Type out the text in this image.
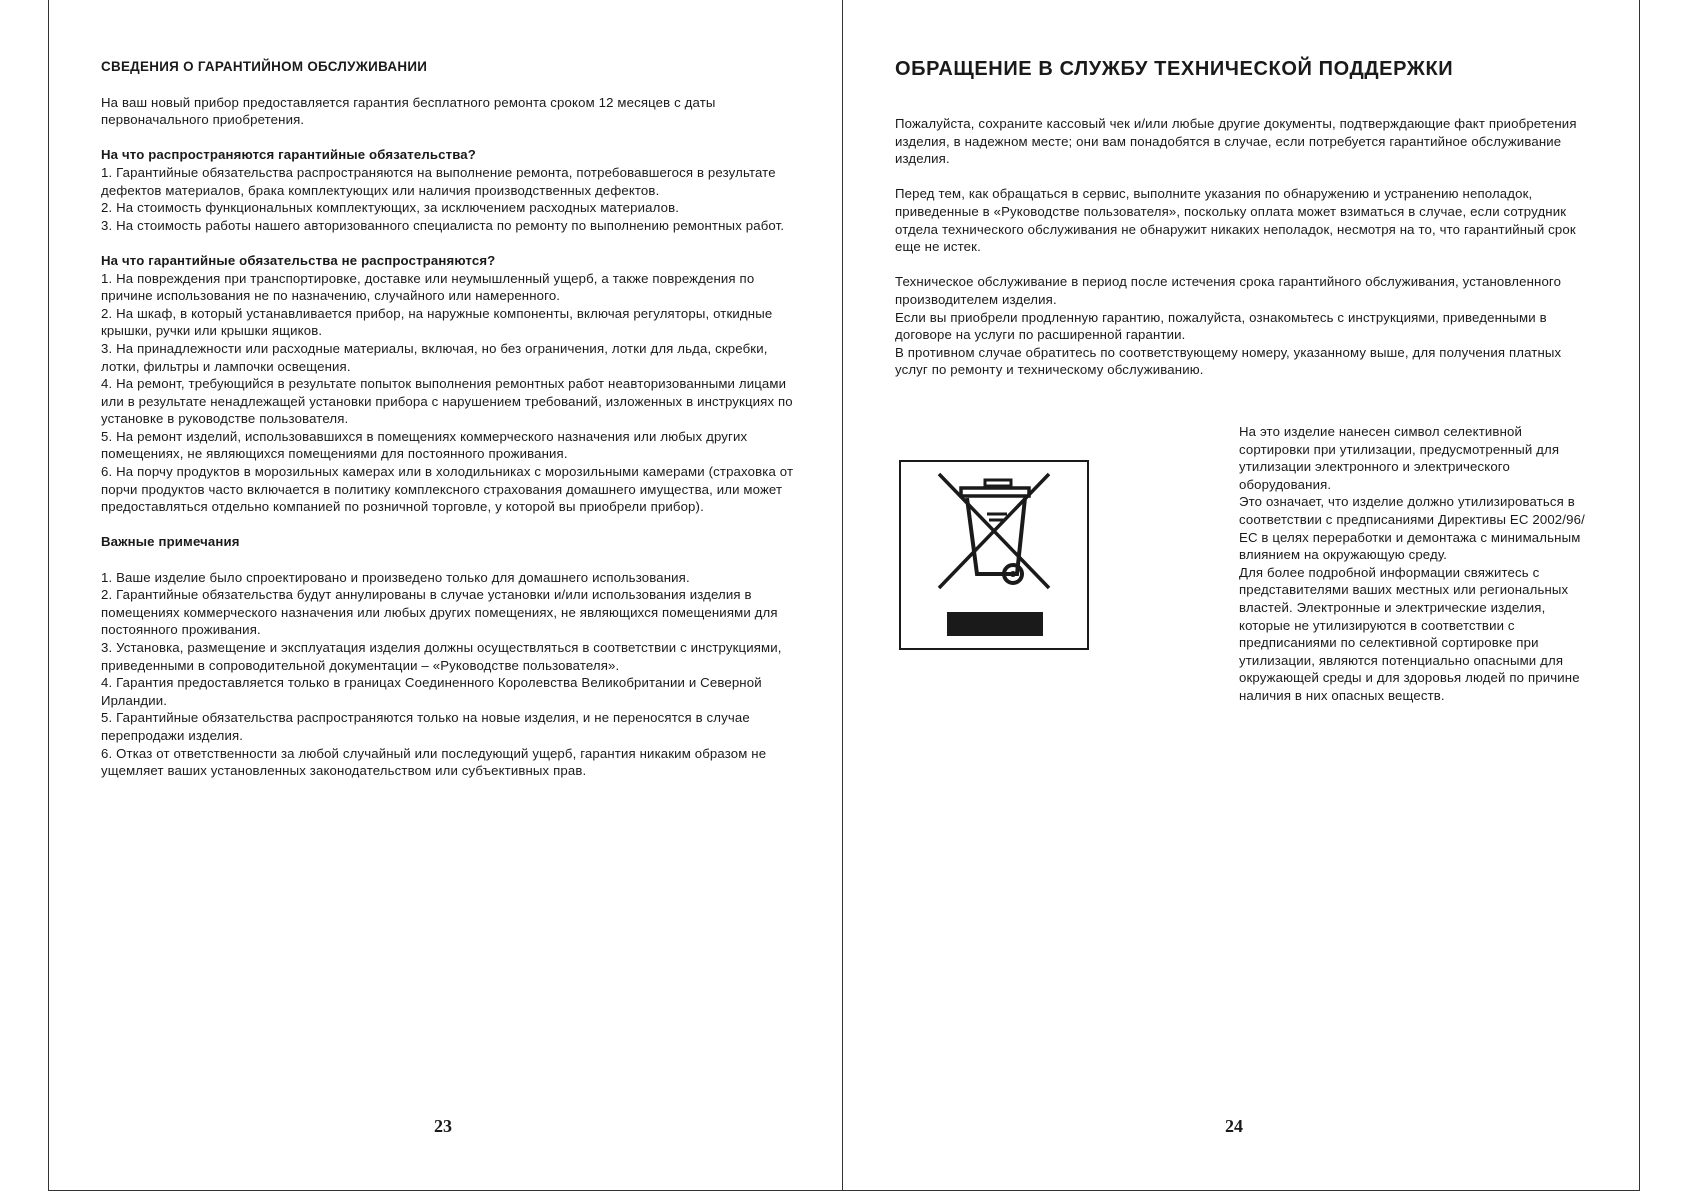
СВЕДЕНИЯ О ГАРАНТИЙНОМ ОБСЛУЖИВАНИИ

На ваш новый прибор предоставляется гарантия бесплатного ремонта сроком 12 месяцев с даты первоначального приобретения.

На что распространяются гарантийные обязательства?

1. Гарантийные обязательства распространяются на выполнение ремонта, потребовавшегося в результате дефектов материалов, брака комплектующих или наличия производственных дефектов.
2. На стоимость функциональных комплектующих, за исключением расходных материалов.
3. На стоимость работы нашего авторизованного специалиста по ремонту по выполнению ремонтных работ.

На что гарантийные обязательства не распространяются?

1. На повреждения при транспортировке, доставке или неумышленный ущерб, а также повреждения по причине использования не по назначению, случайного или намеренного.
2. На шкаф, в который устанавливается прибор, на наружные компоненты, включая регуляторы, откидные крышки, ручки или крышки ящиков.
3. На принадлежности или расходные материалы, включая, но без ограничения, лотки для льда, скребки, лотки, фильтры и лампочки освещения.
4. На ремонт, требующийся в результате попыток выполнения ремонтных работ неавторизованными лицами или в результате ненадлежащей установки прибора с нарушением требований, изложенных в инструкциях по установке в руководстве пользователя.
5. На ремонт изделий, использовавшихся в помещениях коммерческого назначения или любых других помещениях, не являющихся помещениями для постоянного проживания.
6. На порчу продуктов в морозильных камерах или в холодильниках с морозильными камерами (страховка от порчи продуктов часто включается в политику комплексного страхования домашнего имущества, или может предоставляться отдельно компанией по розничной торговле, у которой вы приобрели прибор).

Важные примечания

1. Ваше изделие было спроектировано и произведено только для домашнего использования.
2. Гарантийные обязательства будут аннулированы в случае установки и/или использования изделия в помещениях коммерческого назначения или любых других помещениях, не являющихся помещениями для постоянного проживания.
3. Установка, размещение и эксплуатация изделия должны осуществляться в соответствии с инструкциями, приведенными в сопроводительной документации – «Руководстве пользователя».
4. Гарантия предоставляется только в границах Соединенного Королевства Великобритании и Северной Ирландии.
5. Гарантийные обязательства распространяются только на новые изделия, и не переносятся в случае перепродажи изделия.
6. Отказ от ответственности за любой случайный или последующий ущерб, гарантия никаким образом не ущемляет ваших установленных законодательством или субъективных прав.
23
ОБРАЩЕНИЕ В СЛУЖБУ ТЕХНИЧЕСКОЙ ПОДДЕРЖКИ

Пожалуйста, сохраните кассовый чек и/или любые другие документы, подтверждающие факт приобретения изделия, в надежном месте; они вам понадобятся в случае, если потребуется гарантийное обслуживание изделия.

Перед тем, как обращаться в сервис, выполните указания по обнаружению и устранению неполадок, приведенные в «Руководстве пользователя», поскольку оплата может взиматься в случае, если сотрудник отдела технического обслуживания не обнаружит никаких неполадок, несмотря на то, что гарантийный срок еще не истек.

Техническое обслуживание в период после истечения срока гарантийного обслуживания, установленного производителем изделия.

Если вы приобрели продленную гарантию, пожалуйста, ознакомьтесь с инструкциями, приведенными в договоре на услуги по расширенной гарантии.

В противном случае обратитесь по соответствующему номеру, указанному выше, для получения платных услуг по ремонту и техническому обслуживанию.

На это изделие нанесен символ селективной сортировки при утилизации, предусмотренный для утилизации электронного и электрического оборудования.

Это означает, что изделие должно утилизироваться в соответствии с предписаниями Директивы ЕС 2002/96/ЕС в целях переработки и демонтажа с минимальным влиянием на окружающую среду.

Для более подробной информации свяжитесь с представителями ваших местных или региональных властей. Электронные и электрические изделия, которые не утилизируются в соответствии с предписаниями по селективной сортировке при утилизации, являются потенциально опасными для окружающей среды и для здоровья людей по причине наличия в них опасных веществ.

24
